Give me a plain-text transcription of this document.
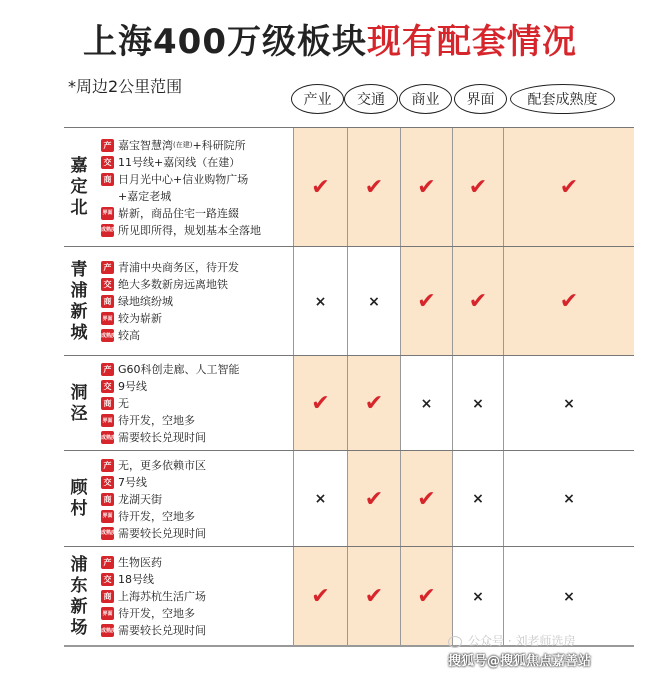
上海400万级板块现有配套情况
*周边2公里范围
产业	交通	商业	界面	配套成熟度
嘉
定
北
产 嘉宝智慧湾 (在建) +科研院所
交 11号线+嘉闵线（在建）
商 日月光中心+信业购物广场
+嘉定老城
界面 崭新，商品住宅一路连綴
成熟度 所见即所得，规划基本全落地
✔ ✔ ✔ ✔	✔
青
浦
新
城
产 青浦中央商务区，待开发
交 绝大多数新房远离地铁
商 绿地缤纷城
界面 较为崭新
成熟度 较高
×	× ✔ ✔	✔
洞
泾
产 G60科创走廊、人工智能
交 9号线
商 无
界面 待开发，空地多
成熟度 需要较长兑现时间
✔ ✔	×	×	×
顾
村
产 无，更多依赖市区
交 7号线
商 龙湖天街
界面 待开发，空地多
成熟度 需要较长兑现时间
× ✔ ✔	×	×
浦
东
新
场
产 生物医药
交 18号线
商 上海苏杭生活广场
界面 待开发，空地多
成熟度 需要较长兑现时间
✔ ✔ ✔	×	×
公众号 · 刘老师选房
搜狐号@搜狐焦点嘉善站
